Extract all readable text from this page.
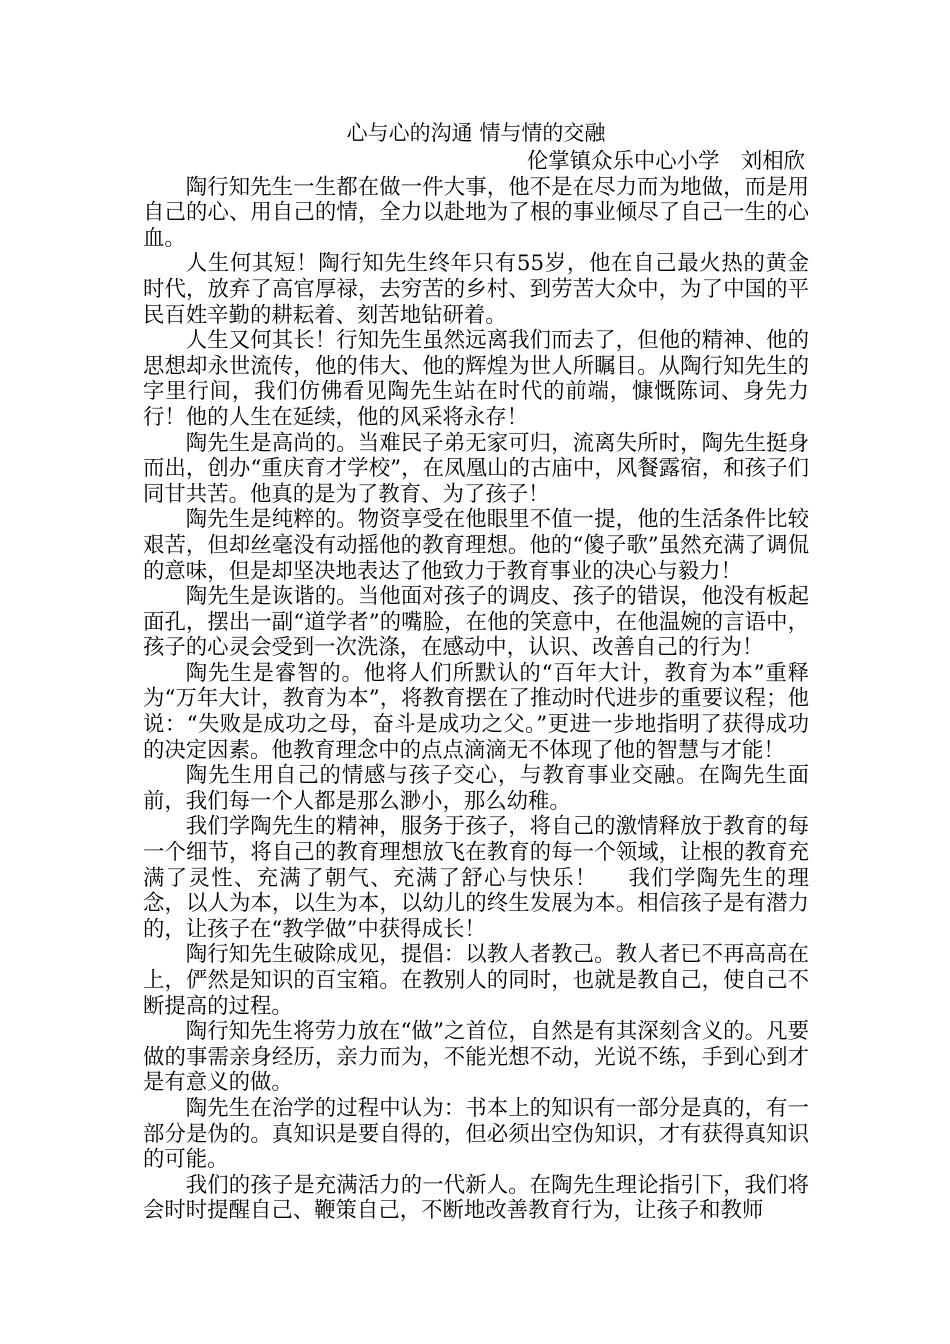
心与心的沟通 情与情的交融

伦掌镇众乐中心小学　刘相欣

陶行知先生一生都在做一件大事，他不是在尽力而为地做，而是用自己的心、用自己的情，全力以赴地为了根的事业倾尽了自己一生的心血。

人生何其短！陶行知先生终年只有55岁，他在自己最火热的黄金时代，放弃了高官厚禄，去穷苦的乡村、到劳苦大众中，为了中国的平民百姓辛勤的耕耘着、刻苦地钻研着。

人生又何其长！行知先生虽然远离我们而去了，但他的精神、他的思想却永世流传，他的伟大、他的辉煌为世人所瞩目。从陶行知先生的字里行间，我们仿佛看见陶先生站在时代的前端，慷慨陈词、身先力行！他的人生在延续，他的风采将永存！

陶先生是高尚的。当难民子弟无家可归，流离失所时，陶先生挺身而出，创办“重庆育才学校”，在凤凰山的古庙中，风餐露宿，和孩子们同甘共苦。他真的是为了教育、为了孩子！

陶先生是纯粹的。物资享受在他眼里不值一提，他的生活条件比较艰苦，但却丝毫没有动摇他的教育理想。他的“傻子歌”虽然充满了调侃的意味，但是却坚决地表达了他致力于教育事业的决心与毅力！

陶先生是诙谐的。当他面对孩子的调皮、孩子的错误，他没有板起面孔，摆出一副“道学者”的嘴脸，在他的笑意中，在他温婉的言语中，孩子的心灵会受到一次洗涤，在感动中，认识、改善自己的行为！

陶先生是睿智的。他将人们所默认的“百年大计，教育为本”重释为“万年大计，教育为本”，将教育摆在了推动时代进步的重要议程；他说：“失败是成功之母，奋斗是成功之父。”更进一步地指明了获得成功的决定因素。他教育理念中的点点滴滴无不体现了他的智慧与才能！

陶先生用自己的情感与孩子交心，与教育事业交融。在陶先生面前，我们每一个人都是那么渺小，那么幼稚。

我们学陶先生的精神，服务于孩子，将自己的激情释放于教育的每一个细节，将自己的教育理想放飞在教育的每一个领域，让根的教育充满了灵性、充满了朝气、充满了舒心与快乐！　 我们学陶先生的理念，以人为本，以生为本，以幼儿的终生发展为本。相信孩子是有潜力的，让孩子在“教学做”中获得成长！

陶行知先生破除成见，提倡：以教人者教己。教人者已不再高高在上，俨然是知识的百宝箱。在教别人的同时，也就是教自己，使自己不断提高的过程。

陶行知先生将劳力放在“做”之首位，自然是有其深刻含义的。凡要做的事需亲身经历，亲力而为，不能光想不动，光说不练，手到心到才是有意义的做。

陶先生在治学的过程中认为：书本上的知识有一部分是真的，有一部分是伪的。真知识是要自得的，但必须出空伪知识，才有获得真知识的可能。

我们的孩子是充满活力的一代新人。在陶先生理论指引下，我们将会时时提醒自己、鞭策自己，不断地改善教育行为，让孩子和教师
